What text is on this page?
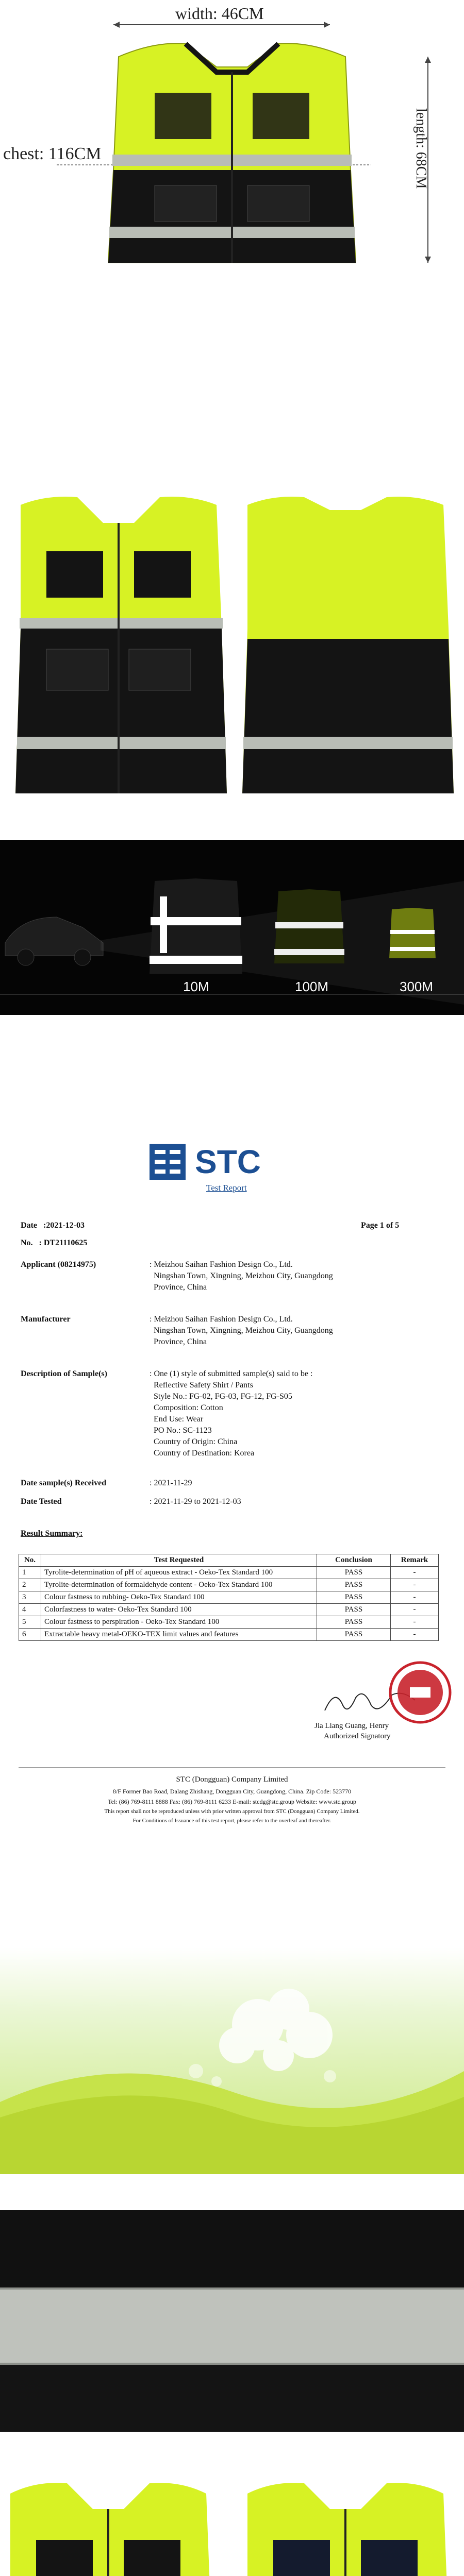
width: 46CM
length: 68CM
chest: 116CM
10M	100M	300M
STC
Test Report
Date   :2021-12-03	Page 1 of 5
No.   : DT21110625
Applicant (08214975)	: Meizhou Saihan Fashion Design Co., Ltd.
Ningshan Town, Xingning, Meizhou City, Guangdong
Province, China
Manufacturer	: Meizhou Saihan Fashion Design Co., Ltd.
Ningshan Town, Xingning, Meizhou City, Guangdong
Province, China
Description of Sample(s)	: One (1) style of submitted sample(s) said to be :
Reflective Safety Shirt / Pants
Style No.: FG-02, FG-03, FG-12, FG-S05
Composition: Cotton
End Use: Wear
PO No.: SC-1123
Country of Origin: China
Country of Destination: Korea
Date sample(s) Received	: 2021-11-29
Date Tested	: 2021-11-29 to 2021-12-03
Result Summary:
No.	Test Requested	Conclusion	Remark
1	Tyrolite-determination of pH of aqueous extract - Oeko-Tex Standard 100	PASS	-
2	Tyrolite-determination of formaldehyde content - Oeko-Tex Standard 100	PASS	-
3	Colour fastness to rubbing- Oeko-Tex Standard 100	PASS	-
4	Colorfastness to water- Oeko-Tex Standard 100	PASS	-
5	Colour fastness to perspiration - Oeko-Tex Standard 100	PASS	-
6	Extractable heavy metal-OEKO-TEX limit values and features	PASS	-
Jia Liang Guang, Henry
Authorized Signatory
STC (Dongguan) Company Limited
8/F Former Bao Road, Dalang Zhishang, Dongguan City, Guangdong, China. Zip Code: 523770
Tel: (86) 769-8111 8888 Fax: (86) 769-8111 6233 E-mail: stcdg@stc.group Website: www.stc.group
This report shall not be reproduced unless with prior written approval from STC (Dongguan) Company Limited.
For Conditions of Issuance of this test report, please refer to the overleaf and thereafter.
